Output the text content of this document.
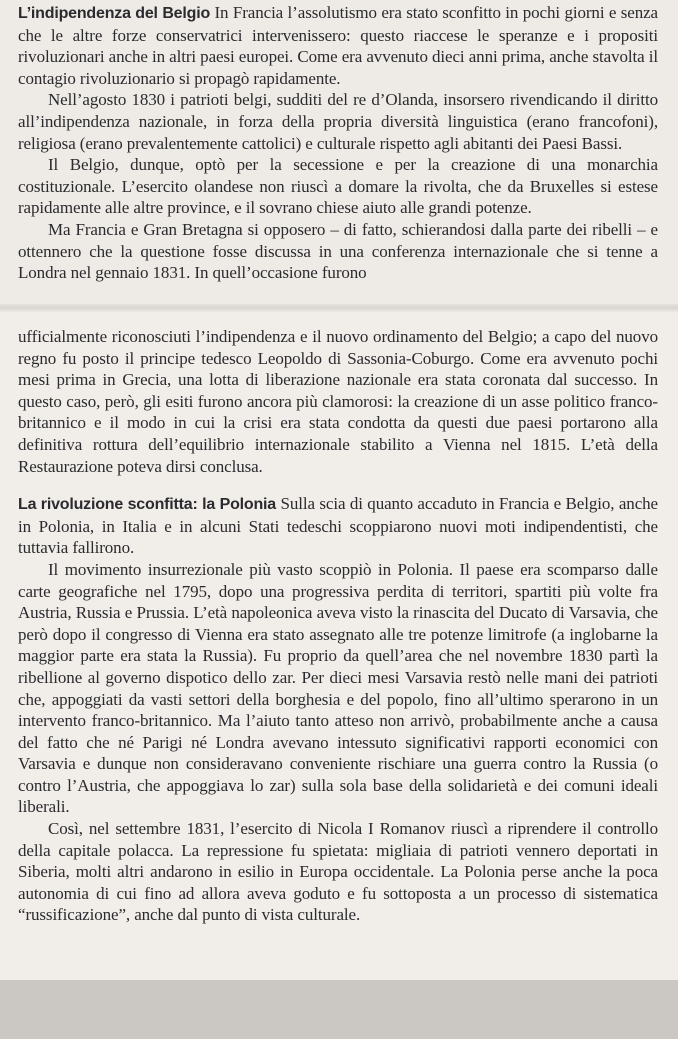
L’indipendenza del Belgio In Francia l’assolutismo era stato sconfitto in pochi giorni e senza che le altre forze conservatrici intervenissero: questo riaccese le speranze e i propositi rivoluzionari anche in altri paesi europei. Come era avvenuto dieci anni prima, anche stavolta il contagio rivoluzionario si propagò rapidamente.

Nell’agosto 1830 i patrioti belgi, sudditi del re d’Olanda, insorsero rivendicando il diritto all’indipendenza nazionale, in forza della propria diversità linguistica (erano francofoni), religiosa (erano prevalentemente cattolici) e culturale rispetto agli abitanti dei Paesi Bassi.

Il Belgio, dunque, optò per la secessione e per la creazione di una monarchia costituzionale. L’esercito olandese non riuscì a domare la rivolta, che da Bruxelles si estese rapidamente alle altre province, e il sovrano chiese aiuto alle grandi potenze.

Ma Francia e Gran Bretagna si opposero – di fatto, schierandosi dalla parte dei ribelli – e ottennero che la questione fosse discussa in una conferenza internazionale che si tenne a Londra nel gennaio 1831. In quell’occasione furono

ufficialmente riconosciuti l’indipendenza e il nuovo ordinamento del Belgio; a capo del nuovo regno fu posto il principe tedesco Leopoldo di Sassonia-Coburgo. Come era avvenuto pochi mesi prima in Grecia, una lotta di liberazione nazionale era stata coronata dal successo. In questo caso, però, gli esiti furono ancora più clamorosi: la creazione di un asse politico franco-britannico e il modo in cui la crisi era stata condotta da questi due paesi portarono alla definitiva rottura dell’equilibrio internazionale stabilito a Vienna nel 1815. L’età della Restaurazione poteva dirsi conclusa.

La rivoluzione sconfitta: la Polonia Sulla scia di quanto accaduto in Francia e Belgio, anche in Polonia, in Italia e in alcuni Stati tedeschi scoppiarono nuovi moti indipendentisti, che tuttavia fallirono.

Il movimento insurrezionale più vasto scoppiò in Polonia. Il paese era scomparso dalle carte geografiche nel 1795, dopo una progressiva perdita di territori, spartiti più volte fra Austria, Russia e Prussia. L’età napoleonica aveva visto la rinascita del Ducato di Varsavia, che però dopo il congresso di Vienna era stato assegnato alle tre potenze limitrofe (a inglobarne la maggior parte era stata la Russia). Fu proprio da quell’area che nel novembre 1830 partì la ribellione al governo dispotico dello zar. Per dieci mesi Varsavia restò nelle mani dei patrioti che, appoggiati da vasti settori della borghesia e del popolo, fino all’ultimo sperarono in un intervento franco-britannico. Ma l’aiuto tanto atteso non arrivò, probabilmente anche a causa del fatto che né Parigi né Londra avevano intessuto significativi rapporti economici con Varsavia e dunque non consideravano conveniente rischiare una guerra contro la Russia (o contro l’Austria, che appoggiava lo zar) sulla sola base della solidarietà e dei comuni ideali liberali.

Così, nel settembre 1831, l’esercito di Nicola I Romanov riuscì a riprendere il controllo della capitale polacca. La repressione fu spietata: migliaia di patrioti vennero deportati in Siberia, molti altri andarono in esilio in Europa occidentale. La Polonia perse anche la poca autonomia di cui fino ad allora aveva goduto e fu sottoposta a un processo di sistematica “russificazione”, anche dal punto di vista culturale.
